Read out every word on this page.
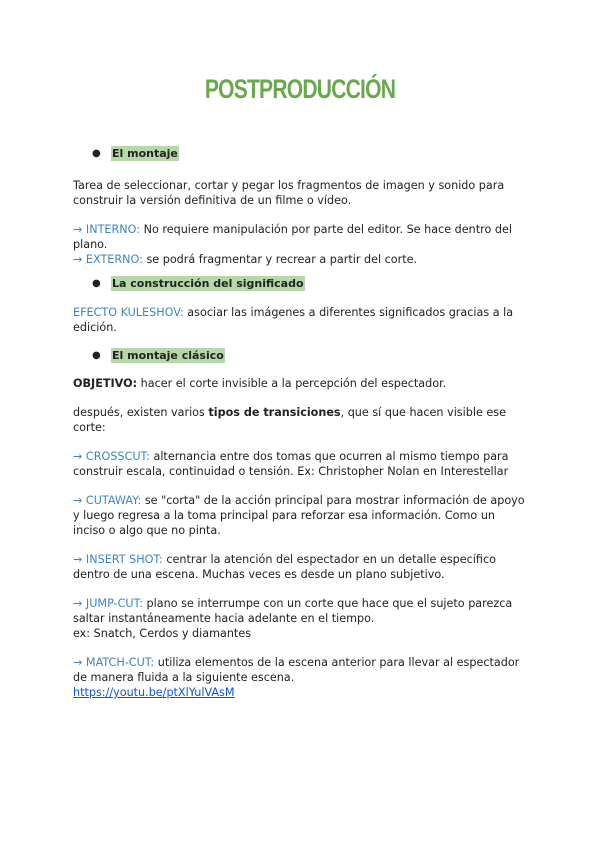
POSTPRODUCCIÓN
● El montaje

Tarea de seleccionar, cortar y pegar los fragmentos de imagen y sonido para construir la versión definitiva de un filme o vídeo.

→ INTERNO: No requiere manipulación por parte del editor. Se hace dentro del plano.

→ EXTERNO: se podrá fragmentar y recrear a partir del corte.

● La construcción del significado

EFECTO KULESHOV: asociar las imágenes a diferentes significados gracias a la edición.

● El montaje clásico

OBJETIVO: hacer el corte invisible a la percepción del espectador.

después, existen varios tipos de transiciones, que sí que hacen visible ese corte:

→ CROSSCUT: alternancia entre dos tomas que ocurren al mismo tiempo para construir escala, continuidad o tensión. Ex: Christopher Nolan en Interestellar

→ CUTAWAY: se "corta" de la acción principal para mostrar información de apoyo y luego regresa a la toma principal para reforzar esa información. Como un inciso o algo que no pinta.

→ INSERT SHOT: centrar la atención del espectador en un detalle específico dentro de una escena. Muchas veces es desde un plano subjetivo.

→ JUMP-CUT: plano se interrumpe con un corte que hace que el sujeto parezca saltar instantáneamente hacia adelante en el tiempo.

ex: Snatch, Cerdos y diamantes

→ MATCH-CUT: utiliza elementos de la escena anterior para llevar al espectador de manera fluida a la siguiente escena.

https://youtu.be/ptXlYulVAsM
